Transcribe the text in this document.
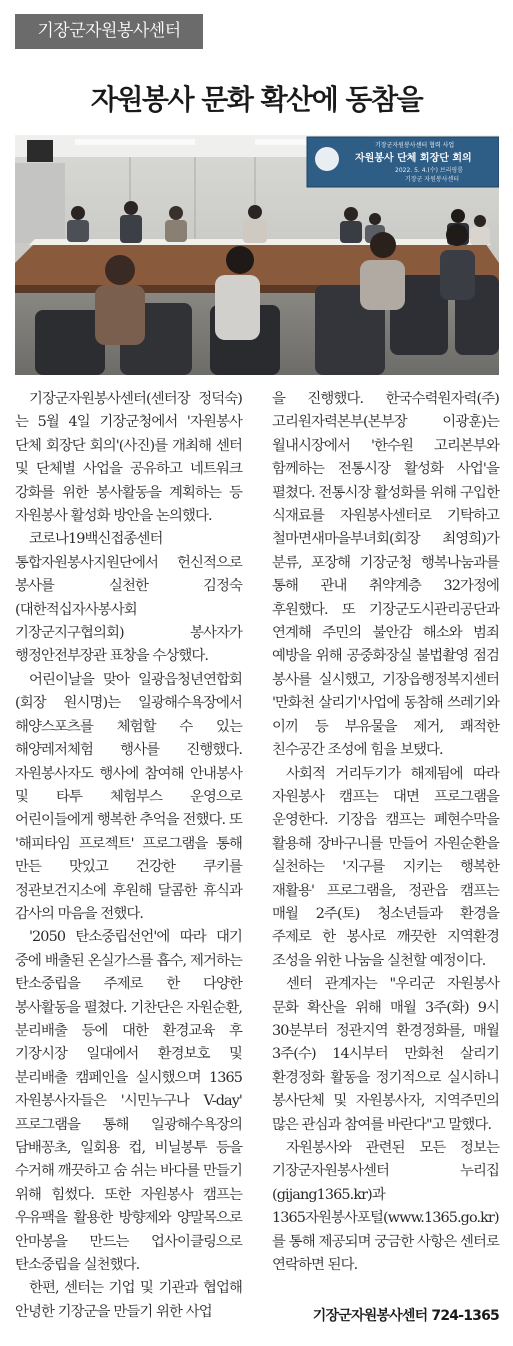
기장군자원봉사센터
자원봉사 문화 확산에 동참을
기장군자원봉사센터 협력 사업
자원봉사 단체 회장단 회의
2022. 5. 4.(수) 브리핑룸
기장군 자원봉사센터

기장군자원봉사센터(센터장 정덕숙)는 5월 4일 기장군청에서 '자원봉사 단체 회장단 회의'(사진)를 개최해 센터 및 단체별 사업을 공유하고 네트워크 강화를 위한 봉사활동을 계획하는 등 자원봉사 활성화 방안을 논의했다.

코로나19백신접종센터 통합자원봉사지원단에서 헌신적으로 봉사를 실천한 김정숙(대한적십자사봉사회 기장군지구협의회) 봉사자가 행정안전부장관 표창을 수상했다.

어린이날을 맞아 일광읍청년연합회(회장 원시명)는 일광해수욕장에서 해양스포츠를 체험할 수 있는 해양레저체험 행사를 진행했다. 자원봉사자도 행사에 참여해 안내봉사 및 타투 체험부스 운영으로 어린이들에게 행복한 추억을 전했다. 또 '해피타임 프로젝트' 프로그램을 통해 만든 맛있고 건강한 쿠키를 정관보건지소에 후원해 달콤한 휴식과 감사의 마음을 전했다.

'2050 탄소중립선언'에 따라 대기 중에 배출된 온실가스를 흡수, 제거하는 탄소중립을 주제로 한 다양한 봉사활동을 펼쳤다. 기찬단은 자원순환, 분리배출 등에 대한 환경교육 후 기장시장 일대에서 환경보호 및 분리배출 캠페인을 실시했으며 1365 자원봉사자들은 '시민누구나 V-day' 프로그램을 통해 일광해수욕장의 담배꽁초, 일회용 컵, 비닐봉투 등을 수거해 깨끗하고 숨 쉬는 바다를 만들기 위해 힘썼다. 또한 자원봉사 캠프는 우유팩을 활용한 방향제와 양말목으로 안마봉을 만드는 업사이클링으로 탄소중립을 실천했다.

한편, 센터는 기업 및 기관과 협업해 안녕한 기장군을 만들기 위한 사업

을 진행했다. 한국수력원자력(주)고리원자력본부(본부장 이광훈)는 월내시장에서 '한수원 고리본부와 함께하는 전통시장 활성화 사업'을 펼쳤다. 전통시장 활성화를 위해 구입한 식재료를 자원봉사센터로 기탁하고 철마면새마을부녀회(회장 최영희)가 분류, 포장해 기장군청 행복나눔과를 통해 관내 취약계층 32가정에 후원했다. 또 기장군도시관리공단과 연계해 주민의 불안감 해소와 범죄 예방을 위해 공중화장실 불법촬영 점검 봉사를 실시했고, 기장읍행정복지센터 '만화천 살리기'사업에 동참해 쓰레기와 이끼 등 부유물을 제거, 쾌적한 친수공간 조성에 힘을 보탰다.

사회적 거리두기가 해제됨에 따라 자원봉사 캠프는 대면 프로그램을 운영한다. 기장읍 캠프는 폐현수막을 활용해 장바구니를 만들어 자원순환을 실천하는 '지구를 지키는 행복한 재활용' 프로그램을, 정관읍 캠프는 매월 2주(토) 청소년들과 환경을 주제로 한 봉사로 깨끗한 지역환경 조성을 위한 나눔을 실천할 예정이다.

센터 관계자는 "우리군 자원봉사 문화 확산을 위해 매월 3주(화) 9시 30분부터 정관지역 환경정화를, 매월 3주(수) 14시부터 만화천 살리기 환경정화 활동을 정기적으로 실시하니 봉사단체 및 자원봉사자, 지역주민의 많은 관심과 참여를 바란다"고 말했다.

자원봉사와 관련된 모든 정보는 기장군자원봉사센터 누리집(gijang1365.kr)과 1365자원봉사포털(www.1365.go.kr)를 통해 제공되며 궁금한 사항은 센터로 연락하면 된다.

기장군자원봉사센터 724-1365
